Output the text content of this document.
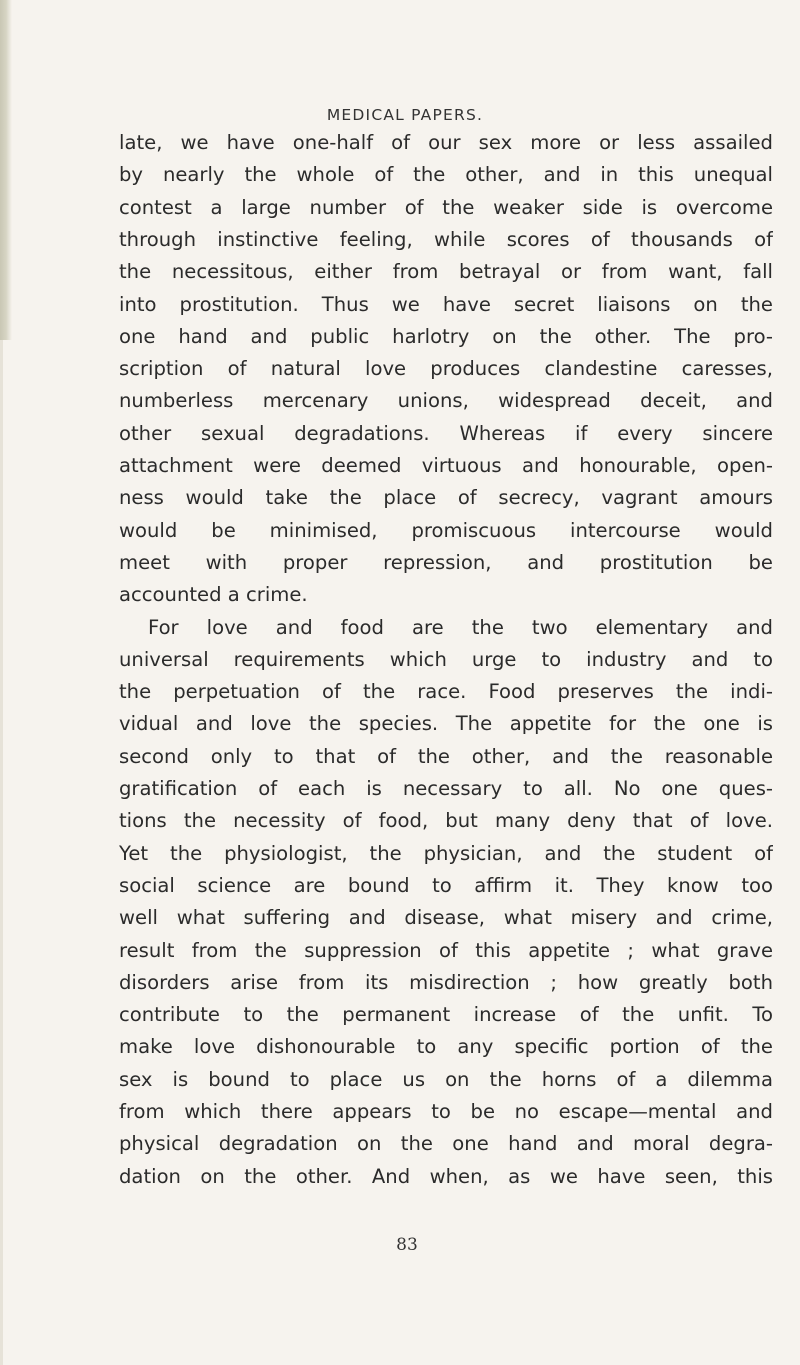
MEDICAL PAPERS.
late, we have one-half of our sex more or less assailed
by nearly the whole of the other, and in this unequal
contest a large number of the weaker side is overcome
through instinctive feeling, while scores of thousands of
the necessitous, either from betrayal or from want, fall
into prostitution. Thus we have secret liaisons on the
one hand and public harlotry on the other. The pro-
scription of natural love produces clandestine caresses,
numberless mercenary unions, widespread deceit, and
other sexual degradations. Whereas if every sincere
attachment were deemed virtuous and honourable, open-
ness would take the place of secrecy, vagrant amours
would be minimised, promiscuous intercourse would
meet with proper repression, and prostitution be
accounted a crime.
For love and food are the two elementary and
universal requirements which urge to industry and to
the perpetuation of the race. Food preserves the indi-
vidual and love the species. The appetite for the one is
second only to that of the other, and the reasonable
gratification of each is necessary to all. No one ques-
tions the necessity of food, but many deny that of love.
Yet the physiologist, the physician, and the student of
social science are bound to affirm it. They know too
well what suffering and disease, what misery and crime,
result from the suppression of this appetite ; what grave
disorders arise from its misdirection ; how greatly both
contribute to the permanent increase of the unfit. To
make love dishonourable to any specific portion of the
sex is bound to place us on the horns of a dilemma
from which there appears to be no escape—mental and
physical degradation on the one hand and moral degra-
dation on the other. And when, as we have seen, this
83
